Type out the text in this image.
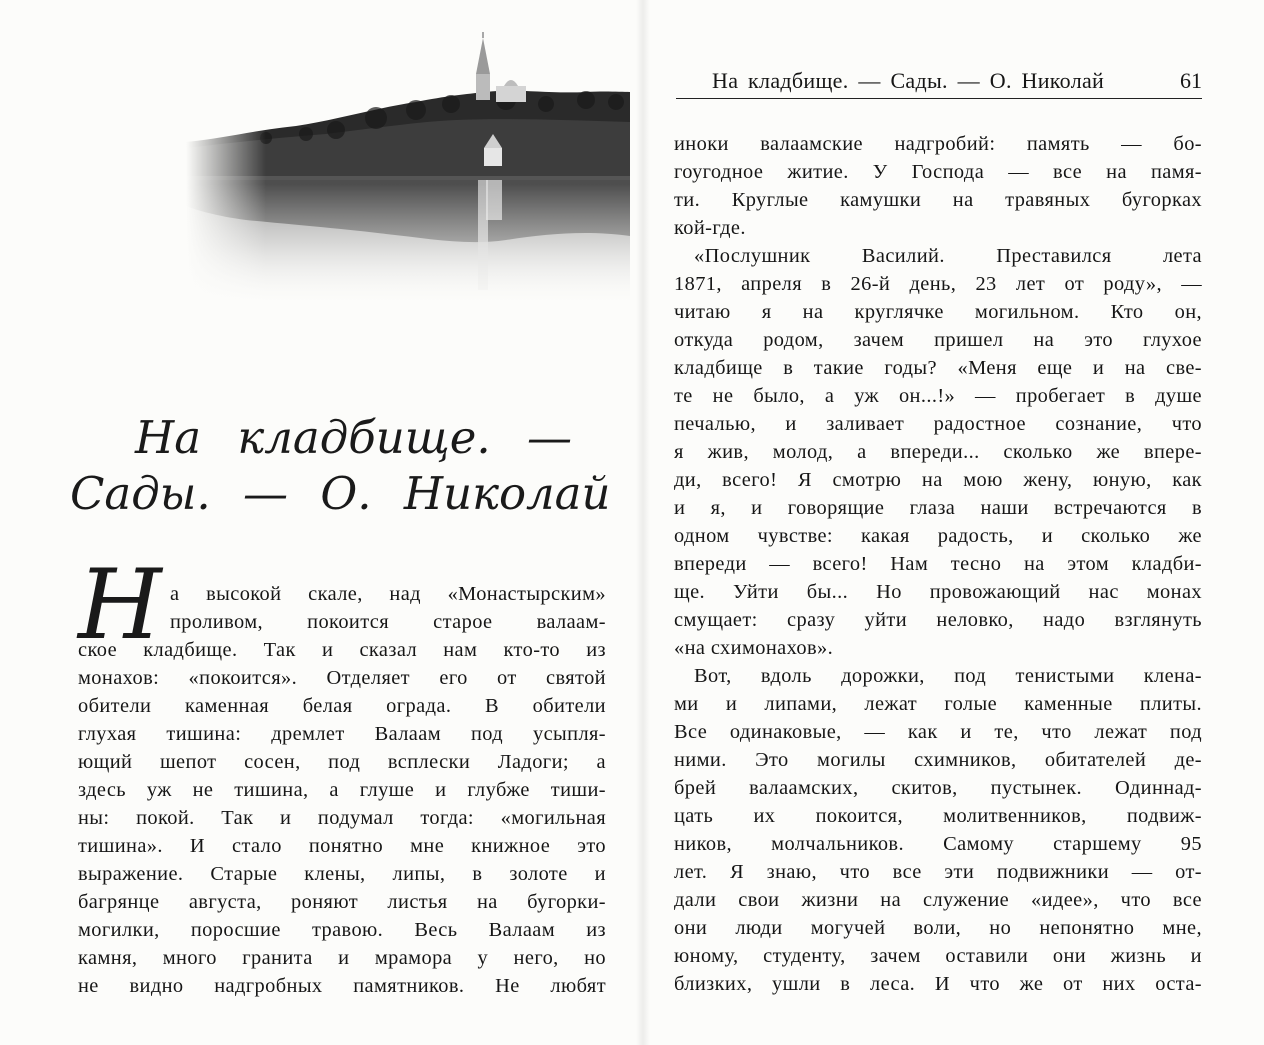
На кладбище. —
Сады. — О. Николай
Н а высокой скале, над «Монастырским»
проливом, покоится старое валаам-
ское кладбище. Так и сказал нам кто-то из
монахов: «покоится». Отделяет его от святой
обители каменная белая ограда. В обители
глухая тишина: дремлет Валаам под усыпля-
ющий шепот сосен, под всплески Ладоги; а
здесь уж не тишина, а глуше и глубже тиши-
ны: покой. Так и подумал тогда: «могильная
тишина». И стало понятно мне книжное это
выражение. Старые клены, липы, в золоте и
багрянце августа, роняют листья на бугорки-
могилки, поросшие травою. Весь Валаам из
камня, много гранита и мрамора у него, но
не видно надгробных памятников. Не любят
На кладбище. — Сады. — О. Николай	61
иноки валаамские надгробий: память — бо-
гоугодное житие. У Господа — все на памя-
ти. Круглые камушки на травяных бугорках
кой-где.
«Послушник Василий. Преставился лета
1871, апреля в 26-й день, 23 лет от роду», —
читаю я на круглячке могильном. Кто он,
откуда родом, зачем пришел на это глухое
кладбище в такие годы? «Меня еще и на све-
те не было, а уж он...!» — пробегает в душе
печалью, и заливает радостное сознание, что
я жив, молод, а впереди... сколько же впере-
ди, всего! Я смотрю на мою жену, юную, как
и я, и говорящие глаза наши встречаются в
одном чувстве: какая радость, и сколько же
впереди — всего! Нам тесно на этом кладби-
ще. Уйти бы... Но провожающий нас монах
смущает: сразу уйти неловко, надо взглянуть
«на схимонахов».
Вот, вдоль дорожки, под тенистыми клена-
ми и липами, лежат голые каменные плиты.
Все одинаковые, — как и те, что лежат под
ними. Это могилы схимников, обитателей де-
брей валаамских, скитов, пустынек. Одиннад-
цать их покоится, молитвенников, подвиж-
ников, молчальников. Самому старшему 95
лет. Я знаю, что все эти подвижники — от-
дали свои жизни на служение «идее», что все
они люди могучей воли, но непонятно мне,
юному, студенту, зачем оставили они жизнь и
близких, ушли в леса. И что же от них оста-
